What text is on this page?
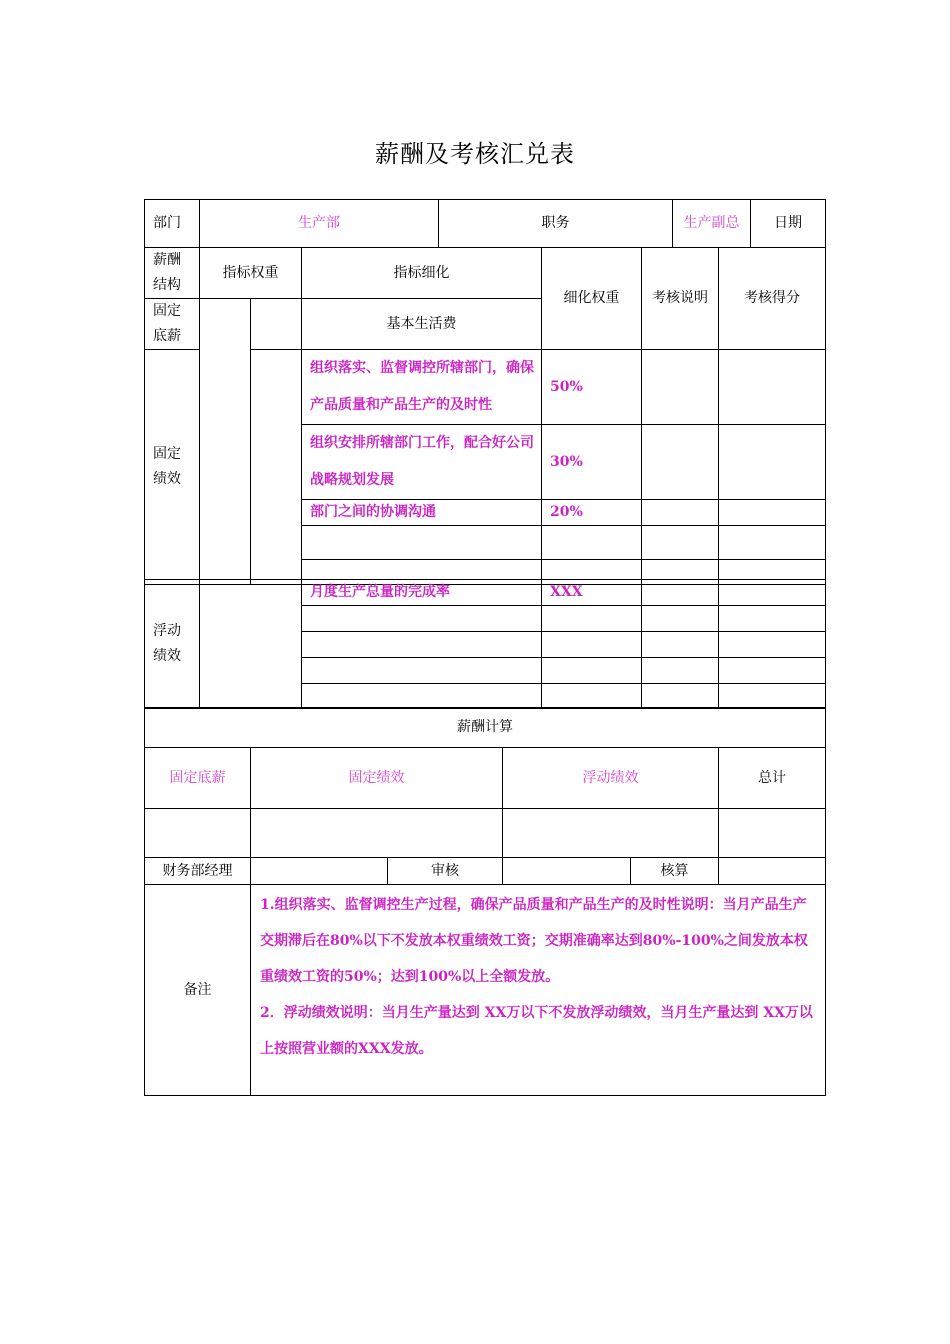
薪酬及考核汇兑表
部门	生产部	职务	生产副总	日期	
薪酬结构	指标权重		指标细化	细化权重	考核说明	考核得分
固定底薪			基本生活费			
固定绩效			组织落实、监督调控所辖部门，确保产品质量和产品生产的及时性	50%		
			组织安排所辖部门工作，配合好公司战略规划发展	30%		
			部门之间的协调沟通	20%		

浮动绩效		月度生产总量的完成率	XXX		

薪酬计算					
固定底薪	固定绩效		浮动绩效		总计

财务部经理		审核		核算	
备注	1.组织落实、监督调控生产过程，确保产品质量和产品生产的及时性说明：当月产品生产交期滞后在80%以下不发放本权重绩效工资；交期准确率达到80%-100%之间发放本权重绩效工资的50%；达到100%以上全额发放。
2．浮动绩效说明：当月生产量达到 XX万以下不发放浮动绩效，当月生产量达到 XX万以上按照营业额的XXX发放。				
